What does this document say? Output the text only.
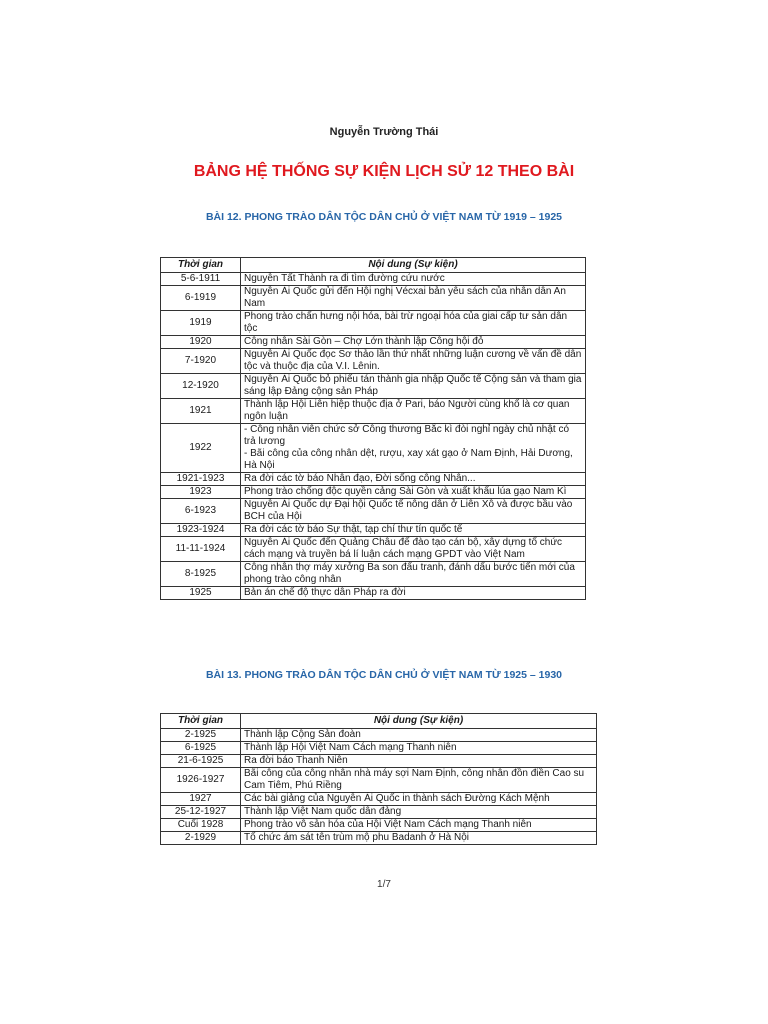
Nguyễn Trường Thái
BẢNG HỆ THỐNG SỰ KIỆN LỊCH SỬ 12 THEO BÀI
BÀI 12. PHONG TRÀO DÂN TỘC DÂN CHỦ Ở VIỆT NAM TỪ 1919 – 1925
Thời gian	Nội dung (Sự kiện)
5-6-1911	Nguyễn Tất Thành ra đi tìm đường cứu nước
6-1919	Nguyễn Ái Quốc gửi đến Hội nghị Vécxai bản yêu sách của nhân dân An Nam
1919	Phong trào chấn hưng nội hóa, bài trừ ngoại hóa của giai cấp tư sản dân tộc
1920	Công nhân Sài Gòn – Chợ Lớn thành lập Công hội đỏ
7-1920	Nguyễn Ái Quốc đọc Sơ thảo lần thứ nhất những luận cương về vấn đề dân tộc và thuộc địa của V.I. Lênin.
12-1920	Nguyễn Ái Quốc bỏ phiếu tán thành gia nhập Quốc tế Cộng sản và tham gia sáng lập Đảng cộng sản Pháp
1921	Thành lập Hội Liên hiệp thuộc địa ở Pari, báo Người cùng khổ là cơ quan ngôn luận
1922	- Công nhân viên chức sở Công thương Bắc kì đòi nghỉ ngày chủ nhật có trả lương
- Bãi công của công nhân dệt, rượu, xay xát gạo ở Nam Định, Hải Dương, Hà Nội
1921-1923	Ra đời các tờ báo Nhân đạo, Đời sống công Nhân...
1923	Phong trào chống độc quyền cảng Sài Gòn và xuất khẩu lúa gạo Nam Kì
6-1923	Nguyễn Ái Quốc dự Đại hội Quốc tế nông dân ở Liên Xô và được bầu vào BCH của Hội
1923-1924	Ra đời các tờ báo Sự thật, tạp chí thư tín quốc tế
11-11-1924	Nguyễn Ái Quốc đến Quảng Châu để đào tạo cán bộ, xây dựng tổ chức cách mạng và truyền bá lí luận cách mạng GPDT vào Việt Nam
8-1925	Công nhân thợ máy xưởng Ba son đấu tranh, đánh dấu bước tiến mới của phong trào công nhân
1925	Bản án chế độ thực dân Pháp ra đời
BÀI 13. PHONG TRÀO DÂN TỘC DÂN CHỦ Ở VIỆT NAM TỪ 1925 – 1930
Thời gian	Nội dung (Sự kiện)
2-1925	Thành lập Cộng Sản đoàn
6-1925	Thành lập Hội Việt Nam Cách mạng Thanh niên
21-6-1925	Ra đời báo Thanh Niên
1926-1927	Bãi công của công nhân nhà máy sợi Nam Định, công nhân đồn điền Cao su Cam Tiêm, Phú Riềng
1927	Các bài giảng của Nguyễn Ái Quốc in thành sách Đường Kách Mệnh
25-12-1927	Thành lập Việt Nam quốc dân đảng
Cuối 1928	Phong trào vô sản hóa của Hội Việt Nam Cách mạng Thanh niên
2-1929	Tổ chức ám sát tên trùm mộ phu Badanh ở Hà Nội
1/7
